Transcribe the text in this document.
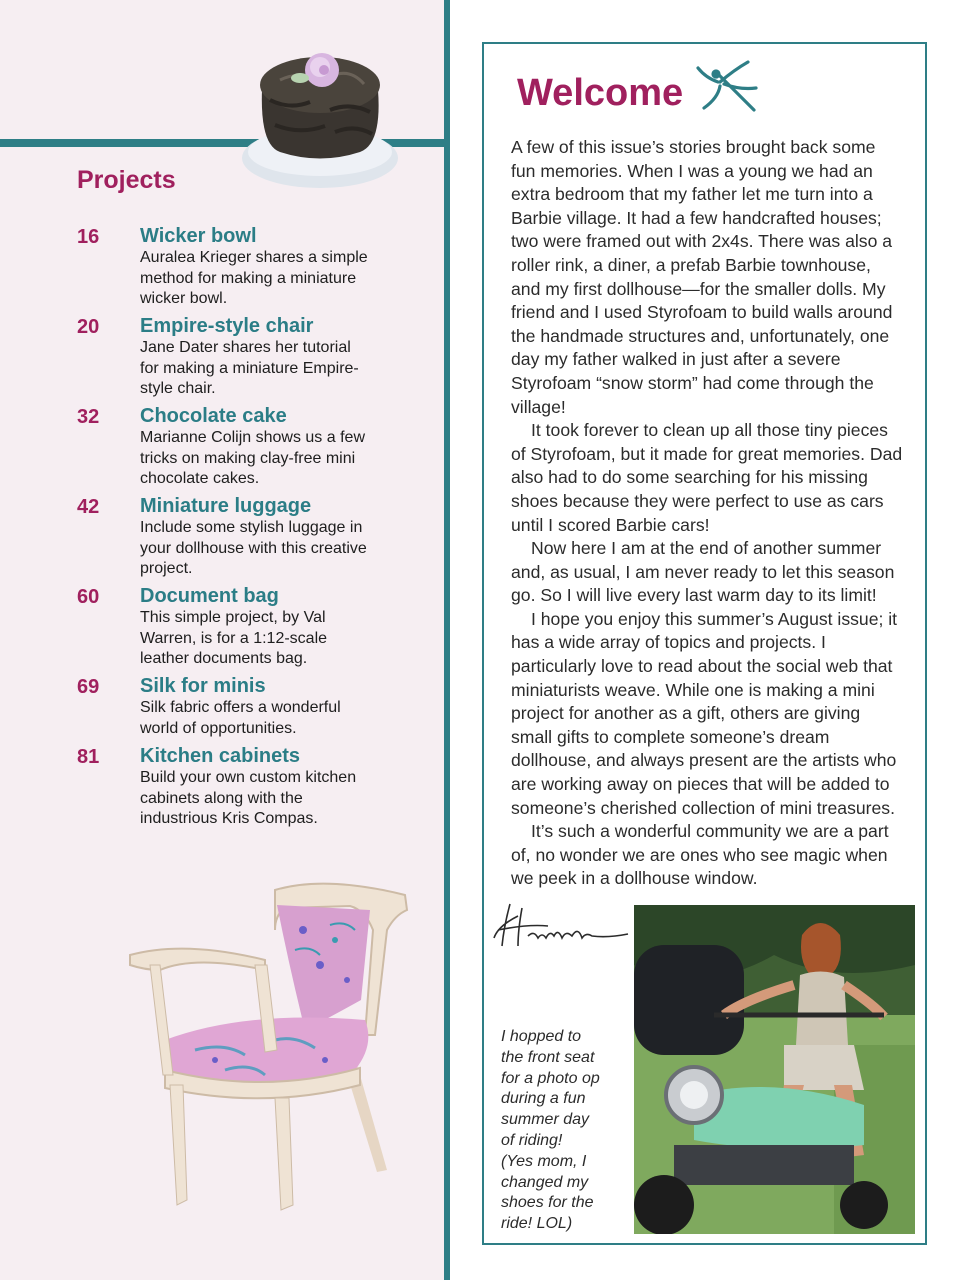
Projects
16	Wicker bowl
Auralea Krieger shares a simple method for making a miniature wicker bowl.
20	Empire-style chair
Jane Dater shares her tutorial for making a miniature Empire-style chair.
32	Chocolate cake
Marianne Colijn shows us a few tricks on making clay-free mini chocolate cakes.
42	Miniature luggage
Include some stylish luggage in your dollhouse with this creative project.
60	Document bag
This simple project, by Val Warren, is for a 1:12-scale leather documents bag.
69	Silk for minis
Silk fabric offers a wonderful world of opportunities.
81	Kitchen cabinets
Build your own custom kitchen cabinets along with the industrious Kris Compas.
Welcome

A few of this issue’s stories brought back some fun memories. When I was a young we had an extra bedroom that my father let me turn into a Barbie village. It had a few handcrafted houses; two were framed out with 2x4s. There was also a roller rink, a diner, a prefab Barbie townhouse, and my first dollhouse—for the smaller dolls. My friend and I used Styrofoam to build walls around the handmade structures and, unfortunately, one day my father walked in just after a severe Styrofoam “snow storm” had come through the village!

It took forever to clean up all those tiny pieces of Styrofoam, but it made for great memories. Dad also had to do some searching for his missing shoes because they were perfect to use as cars until I scored Barbie cars!

Now here I am at the end of another summer and, as usual, I am never ready to let this season go. So I will live every last warm day to its limit!

I hope you enjoy this summer’s August issue; it has a wide array of topics and projects. I particularly love to read about the social web that miniaturists weave. While one is making a mini project for another as a gift, others are giving small gifts to complete someone’s dream dollhouse, and always present are the artists who are working away on pieces that will be added to someone’s cherished collection of mini treasures.

It’s such a wonderful community we are a part of, no wonder we are ones who see magic when we peek in a dollhouse window.

I hopped to
the front seat
for a photo op
during a fun
summer day
of riding!
(Yes mom, I
changed my
shoes for the
ride! LOL)
